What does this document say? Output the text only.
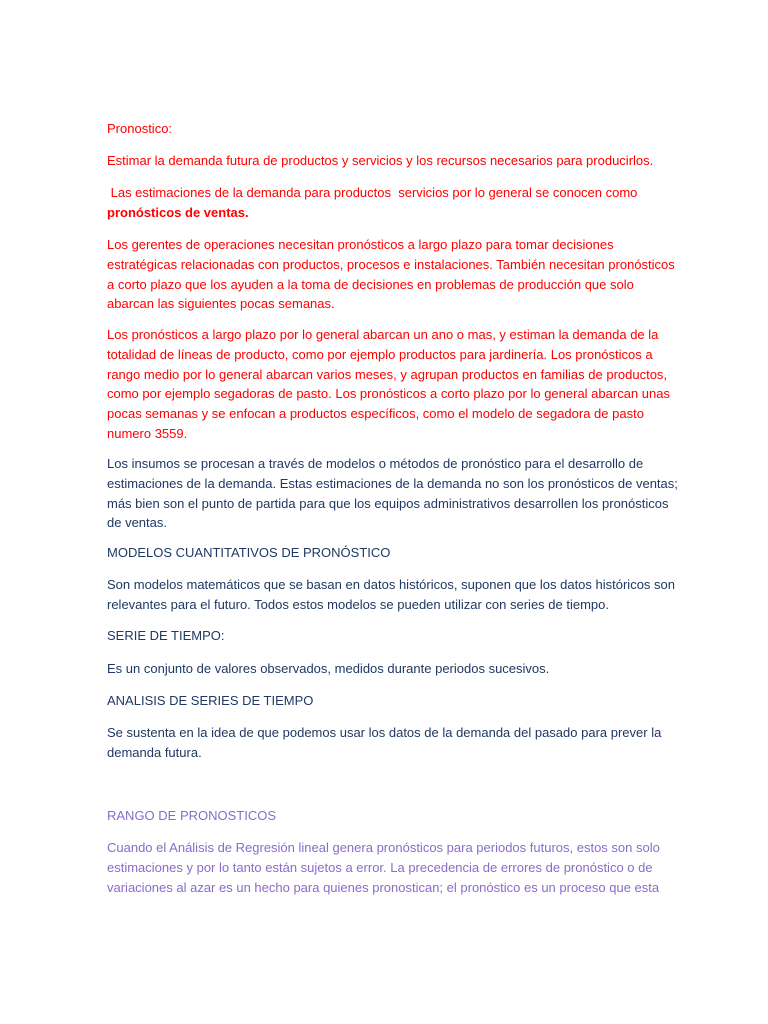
Pronostico:

Estimar la demanda futura de productos y servicios y los recursos necesarios para producirlos.

Las estimaciones de la demanda para productos  servicios por lo general se conocen como
pronósticos de ventas.
Los gerentes de operaciones necesitan pronósticos a largo plazo para tomar decisiones
estratégicas relacionadas con productos, procesos e instalaciones. También necesitan pronósticos
a corto plazo que los ayuden a la toma de decisiones en problemas de producción que solo
abarcan las siguientes pocas semanas.
Los pronósticos a largo plazo por lo general abarcan un ano o mas, y estiman la demanda de la
totalidad de líneas de producto, como por ejemplo productos para jardinería. Los pronósticos a
rango medio por lo general abarcan varios meses, y agrupan productos en familias de productos,
como por ejemplo segadoras de pasto. Los pronósticos a corto plazo por lo general abarcan unas
pocas semanas y se enfocan a productos específicos, como el modelo de segadora de pasto
numero 3559.
Los insumos se procesan a través de modelos o métodos de pronóstico para el desarrollo de
estimaciones de la demanda. Estas estimaciones de la demanda no son los pronósticos de ventas;
más bien son el punto de partida para que los equipos administrativos desarrollen los pronósticos
de ventas.

MODELOS CUANTITATIVOS DE PRONÓSTICO

Son modelos matemáticos que se basan en datos históricos, suponen que los datos históricos son
relevantes para el futuro. Todos estos modelos se pueden utilizar con series de tiempo.

SERIE DE TIEMPO:

Es un conjunto de valores observados, medidos durante periodos sucesivos.

ANALISIS DE SERIES DE TIEMPO

Se sustenta en la idea de que podemos usar los datos de la demanda del pasado para prever la
demanda futura.

RANGO DE PRONOSTICOS

Cuando el Análisis de Regresión lineal genera pronósticos para periodos futuros, estos son solo
estimaciones y por lo tanto están sujetos a error. La precedencia de errores de pronóstico o de
variaciones al azar es un hecho para quienes pronostican; el pronóstico es un proceso que esta
